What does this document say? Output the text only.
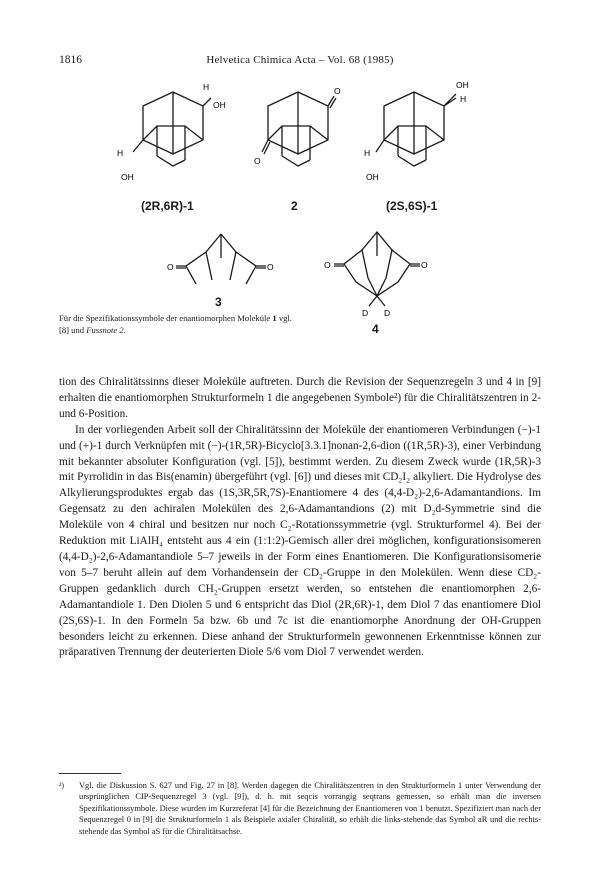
1816	Helvetica Chimica Acta – Vol. 68 (1985)
H
OH
H
OH
O
O
OH
H
H
OH
O	O	O	O
D D
(2R,6R)-1	2	(2S,6S)-1
3
4
Für die Spezifikationssymbole der enantiomorphen Moleküle 1 vgl. [8] und Fussnote 2.

tion des Chiralitätssinns dieser Moleküle auftreten. Durch die Revision der Sequenzregeln 3 und 4 in [9] erhalten die enantiomorphen Strukturformeln 1 die angegebenen Symbole²) für die Chiralitätszentren in 2- und 6-Position.

In der vorliegenden Arbeit soll der Chiralitätssinn der Moleküle der enantiomeren Verbindungen (−)-1 und (+)-1 durch Verknüpfen mit (−)-(1R,5R)-Bicyclo[3.3.1]nonan-2,6-dion ((1R,5R)-3), einer Verbindung mit bekannter absoluter Konfiguration (vgl. [5]), bestimmt werden. Zu diesem Zweck wurde (1R,5R)-3 mit Pyrrolidin in das Bis(enamin) übergeführt (vgl. [6]) und dieses mit CD₂I₂ alkyliert. Die Hydrolyse des Alkylierungsproduktes ergab das (1S,3R,5R,7S)-Enantiomere 4 des (4,4-D₂)-2,6-Adamantandions. Im Gegensatz zu den achiralen Molekülen des 2,6-Adamantandions (2) mit D₂d-Symmetrie sind die Moleküle von 4 chiral und besitzen nur noch C₂-Rotationssymmetrie (vgl. Strukturformel 4). Bei der Reduktion mit LiAlH₄ entsteht aus 4 ein (1:1:2)-Gemisch aller drei möglichen, konfigurationsisomeren (4,4-D₂)-2,6-Adamantandiole 5–7 jeweils in der Form eines Enantiomeren. Die Konfigurationsisomerie von 5–7 beruht allein auf dem Vorhandensein der CD₂-Gruppe in den Molekülen. Wenn diese CD₂-Gruppen gedanklich durch CH₂-Gruppen ersetzt werden, so entstehen die enantiomorphen 2,6-Adamantandiole 1. Den Diolen 5 und 6 entspricht das Diol (2R,6R)-1, dem Diol 7 das enantiomere Diol (2S,6S)-1. In den Formeln 5a bzw. 6b und 7c ist die enantiomorphe Anordnung der OH-Gruppen besonders leicht zu erkennen. Diese anhand der Strukturformeln gewonnenen Erkenntnisse können zur präparativen Trennung der deuterierten Diole 5/6 vom Diol 7 verwendet werden.

²) Vgl. die Diskussion S. 627 und Fig. 27 in [8]. Werden dagegen die Chiralitätszentren in den Strukturformeln 1 unter Verwendung der ursprünglichen CIP-Sequenzregel 3 (vgl. [9]), d. h. mit seqcis vorrangig seqtrans gemessen, so erhält man die inversen Spezifikationssymbole. Diese wurden im Kurzreferat [4] für die Bezeichnung der Enantiomeren von 1 benutzt. Spezifiziert man nach der Sequenzregel 0 in [9] die Strukturformeln 1 als Beispiele axialer Chiralität, so erhält die links-stehende das Symbol aR und die rechts-stehende das Symbol aS für die Chiralitätsachse.
